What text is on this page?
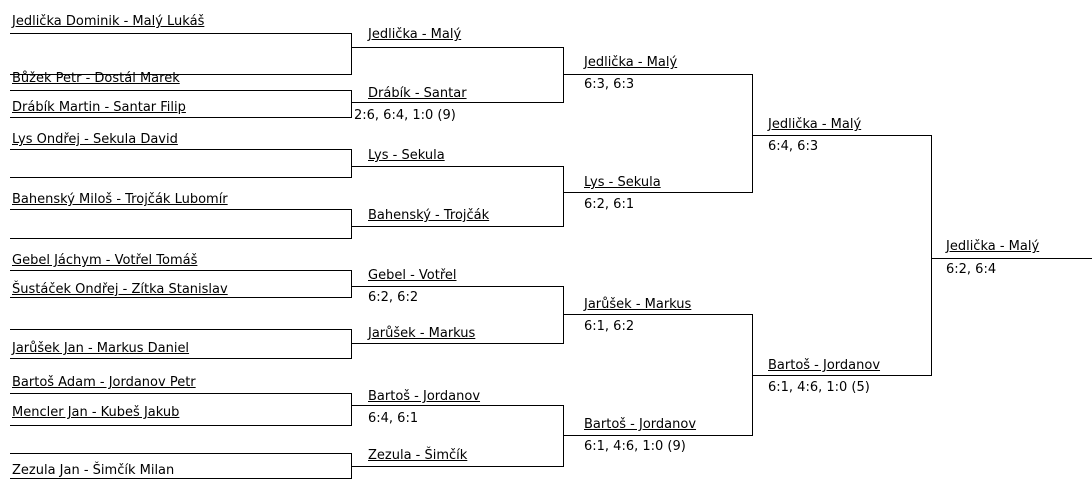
Jedlička Dominik - Malý Lukáš
Bůžek Petr - Dostál Marek
Drábík Martin - Santar Filip
Lys Ondřej - Sekula David
Bahenský Miloš - Trojčák Lubomír
Gebel Jáchym - Votřel Tomáš
Šustáček Ondřej - Zítka Stanislav
Jarůšek Jan - Markus Daniel
Bartoš Adam - Jordanov Petr
Mencler Jan - Kubeš Jakub
Zezula Jan - Šimčík Milan
Jedlička - Malý
Drábík - Santar
2:6, 6:4, 1:0 (9)
Lys - Sekula
Bahenský - Trojčák
Gebel - Votřel
6:2, 6:2
Jarůšek - Markus
Bartoš - Jordanov
6:4, 6:1
Zezula - Šimčík
Jedlička - Malý
6:3, 6:3
Lys - Sekula
6:2, 6:1
Jarůšek - Markus
6:1, 6:2
Bartoš - Jordanov
6:1, 4:6, 1:0 (9)
Jedlička - Malý
6:4, 6:3
Bartoš - Jordanov
6:1, 4:6, 1:0 (5)
Jedlička - Malý
6:2, 6:4
